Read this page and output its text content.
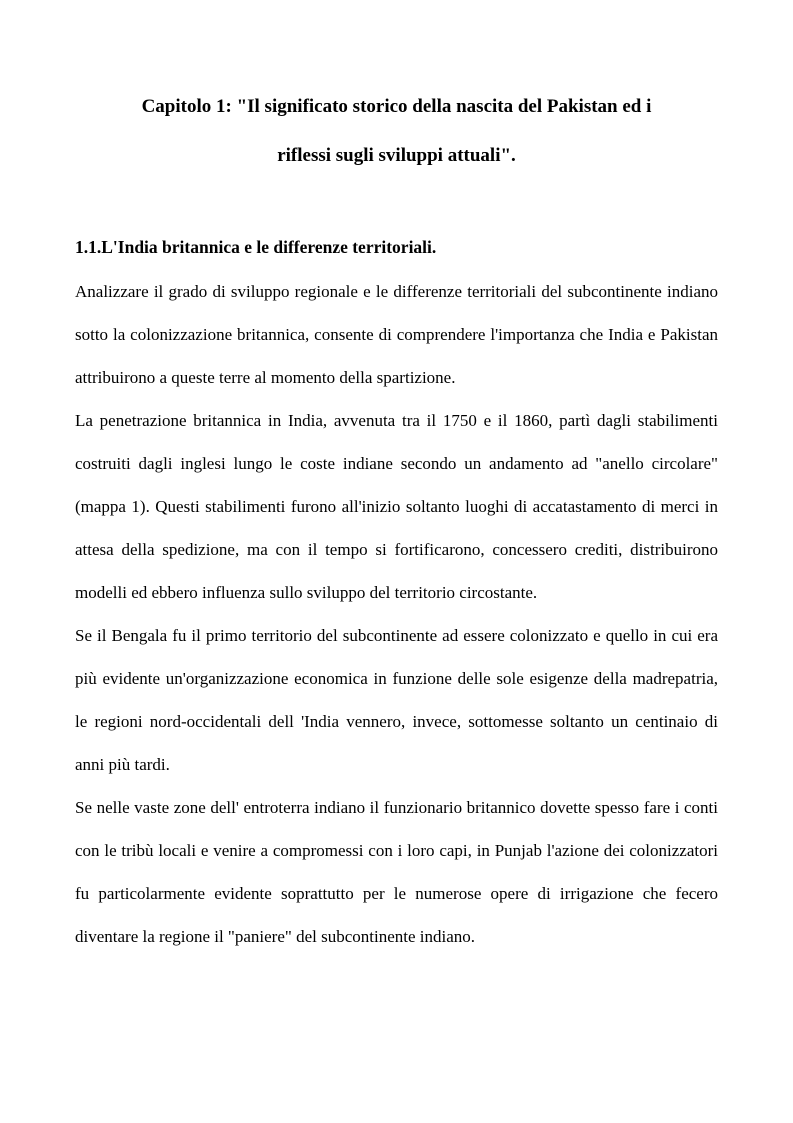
Capitolo 1: "Il significato storico della nascita del Pakistan ed i
riflessi sugli sviluppi attuali".
1.1.L'India britannica e le differenze territoriali.

Analizzare il grado di sviluppo regionale e le differenze territoriali del subcontinente indiano sotto la colonizzazione britannica, consente di comprendere l'importanza che India e Pakistan attribuirono a queste terre al momento della spartizione.

La penetrazione britannica in India, avvenuta tra il 1750 e il 1860, partì dagli stabilimenti costruiti dagli inglesi lungo le coste indiane secondo un andamento ad "anello circolare" (mappa 1). Questi stabilimenti furono all'inizio soltanto luoghi di accatastamento di merci in attesa della spedizione, ma con il tempo si fortificarono, concessero crediti, distribuirono modelli ed ebbero influenza sullo sviluppo del territorio circostante.

Se il Bengala fu il primo territorio del subcontinente ad essere colonizzato e quello in cui era più evidente un'organizzazione economica in funzione delle sole esigenze della madrepatria, le regioni nord-occidentali dell 'India vennero, invece, sottomesse soltanto un centinaio di anni più tardi.

Se nelle vaste zone dell' entroterra indiano il funzionario britannico dovette spesso fare i conti con le tribù locali e venire a compromessi con i loro capi, in Punjab l'azione dei colonizzatori fu particolarmente evidente soprattutto per le numerose opere di irrigazione che fecero diventare la regione il "paniere" del subcontinente indiano.
